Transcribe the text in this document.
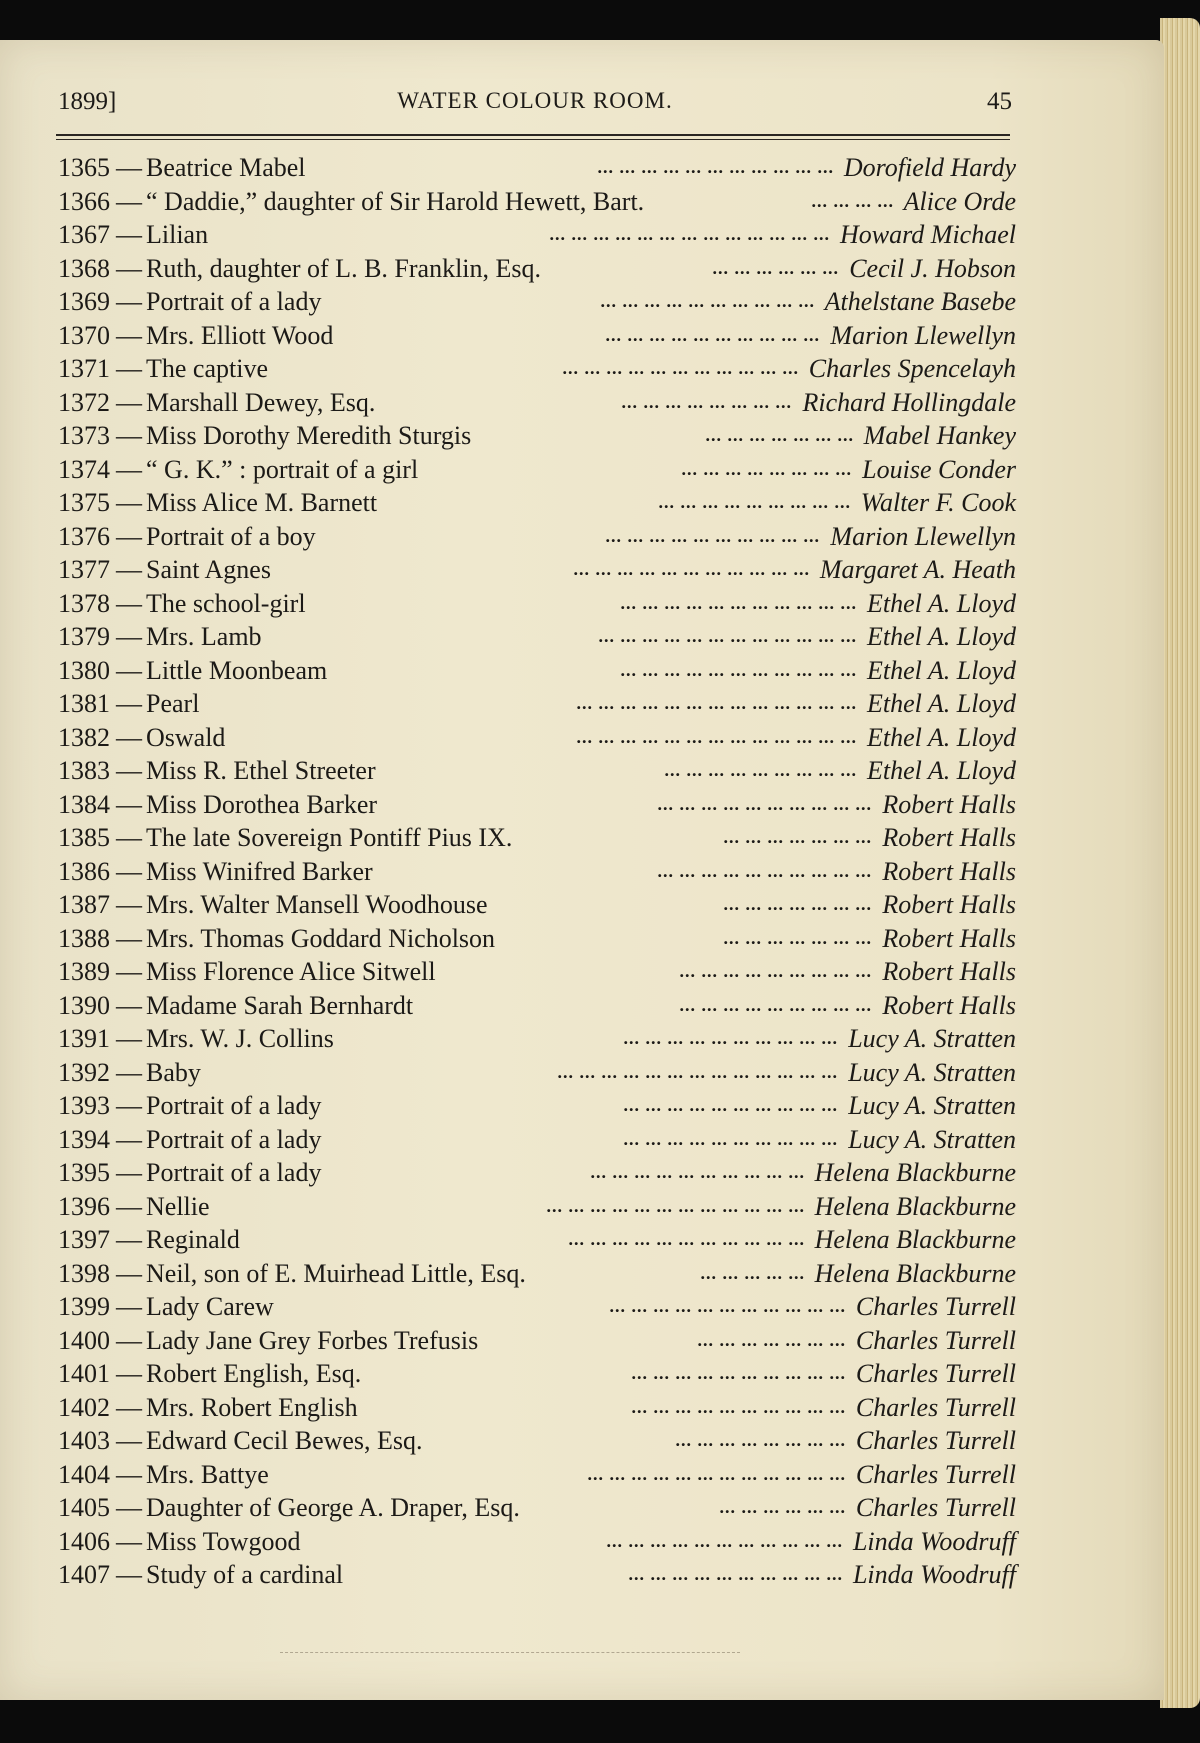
1899]	WATER COLOUR ROOM.	45
1365 — Beatrice Mabel	... ... ... ... ... ... ... ... ... ... ... Dorofield Hardy
1366 — “ Daddie,” daughter of Sir Harold Hewett, Bart.	... ... ... ... Alice Orde
1367 — Lilian	... ... ... ... ... ... ... ... ... ... ... ... ... Howard Michael
1368 — Ruth, daughter of L. B. Franklin, Esq.	... ... ... ... ... ... Cecil J. Hobson
1369 — Portrait of a lady	... ... ... ... ... ... ... ... ... ... Athelstane Basebe
1370 — Mrs. Elliott Wood	... ... ... ... ... ... ... ... ... ... Marion Llewellyn
1371 — The captive	... ... ... ... ... ... ... ... ... ... ... Charles Spencelayh
1372 — Marshall Dewey, Esq.	... ... ... ... ... ... ... ... Richard Hollingdale
1373 — Miss Dorothy Meredith Sturgis	... ... ... ... ... ... ... Mabel Hankey
1374 — “ G. K.” : portrait of a girl	... ... ... ... ... ... ... ... Louise Conder
1375 — Miss Alice M. Barnett	... ... ... ... ... ... ... ... ... Walter F. Cook
1376 — Portrait of a boy	... ... ... ... ... ... ... ... ... ... Marion Llewellyn
1377 — Saint Agnes	... ... ... ... ... ... ... ... ... ... ... Margaret A. Heath
1378 — The school-girl	... ... ... ... ... ... ... ... ... ... ... Ethel A. Lloyd
1379 — Mrs. Lamb	... ... ... ... ... ... ... ... ... ... ... ... Ethel A. Lloyd
1380 — Little Moonbeam	... ... ... ... ... ... ... ... ... ... ... Ethel A. Lloyd
1381 — Pearl	... ... ... ... ... ... ... ... ... ... ... ... ... Ethel A. Lloyd
1382 — Oswald	... ... ... ... ... ... ... ... ... ... ... ... ... Ethel A. Lloyd
1383 — Miss R. Ethel Streeter	... ... ... ... ... ... ... ... ... Ethel A. Lloyd
1384 — Miss Dorothea Barker	... ... ... ... ... ... ... ... ... ... Robert Halls
1385 — The late Sovereign Pontiff Pius IX.	... ... ... ... ... ... ... Robert Halls
1386 — Miss Winifred Barker	... ... ... ... ... ... ... ... ... ... Robert Halls
1387 — Mrs. Walter Mansell Woodhouse	... ... ... ... ... ... ... Robert Halls
1388 — Mrs. Thomas Goddard Nicholson	... ... ... ... ... ... ... Robert Halls
1389 — Miss Florence Alice Sitwell	... ... ... ... ... ... ... ... ... Robert Halls
1390 — Madame Sarah Bernhardt	... ... ... ... ... ... ... ... ... Robert Halls
1391 — Mrs. W. J. Collins	... ... ... ... ... ... ... ... ... ... Lucy A. Stratten
1392 — Baby	... ... ... ... ... ... ... ... ... ... ... ... ... Lucy A. Stratten
1393 — Portrait of a lady	... ... ... ... ... ... ... ... ... ... Lucy A. Stratten
1394 — Portrait of a lady	... ... ... ... ... ... ... ... ... ... Lucy A. Stratten
1395 — Portrait of a lady	... ... ... ... ... ... ... ... ... ... Helena Blackburne
1396 — Nellie	... ... ... ... ... ... ... ... ... ... ... ... Helena Blackburne
1397 — Reginald	... ... ... ... ... ... ... ... ... ... ... Helena Blackburne
1398 — Neil, son of E. Muirhead Little, Esq.	... ... ... ... ... Helena Blackburne
1399 — Lady Carew	... ... ... ... ... ... ... ... ... ... ... Charles Turrell
1400 — Lady Jane Grey Forbes Trefusis	... ... ... ... ... ... ... Charles Turrell
1401 — Robert English, Esq.	... ... ... ... ... ... ... ... ... ... Charles Turrell
1402 — Mrs. Robert English	... ... ... ... ... ... ... ... ... ... Charles Turrell
1403 — Edward Cecil Bewes, Esq.	... ... ... ... ... ... ... ... Charles Turrell
1404 — Mrs. Battye	... ... ... ... ... ... ... ... ... ... ... ... Charles Turrell
1405 — Daughter of George A. Draper, Esq.	... ... ... ... ... ... Charles Turrell
1406 — Miss Towgood	... ... ... ... ... ... ... ... ... ... ... Linda Woodruff
1407 — Study of a cardinal	... ... ... ... ... ... ... ... ... ... Linda Woodruff
